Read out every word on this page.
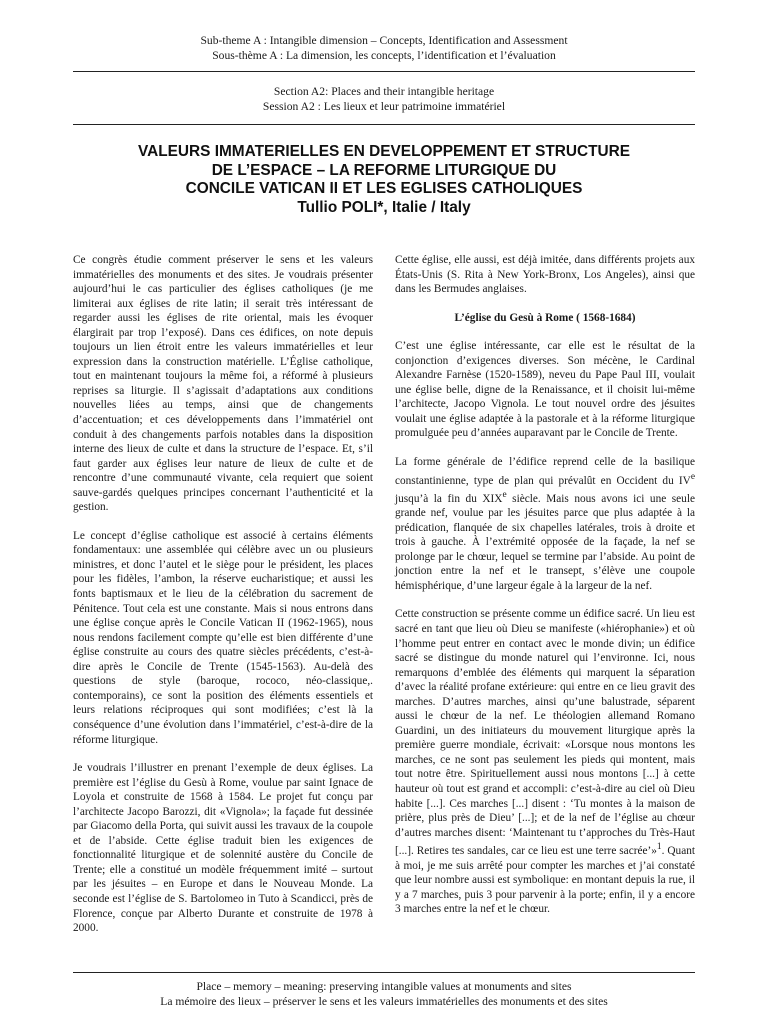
Sub-theme A : Intangible dimension – Concepts, Identification and Assessment
Sous-thème A : La dimension, les concepts, l’identification et l’évaluation
Section A2: Places and their intangible heritage
Session A2 : Les lieux et leur patrimoine immatériel
VALEURS IMMATERIELLES EN DEVELOPPEMENT ET STRUCTURE
DE L’ESPACE – LA REFORME LITURGIQUE DU
CONCILE VATICAN II ET LES EGLISES CATHOLIQUES
Tullio POLI*, Italie / Italy

Ce congrès étudie comment préserver le sens et les valeurs immatérielles des monuments et des sites. Je voudrais présenter aujourd’hui le cas particulier des églises catholiques (je me limiterai aux églises de rite latin; il serait très intéressant de regarder aussi les églises de rite oriental, mais les évoquer élargirait par trop l’exposé). Dans ces édifices, on note depuis toujours un lien étroit entre les valeurs immatérielles et leur expression dans la construction matérielle. L’Église catholique, tout en maintenant toujours la même foi, a réformé à plusieurs reprises sa liturgie. Il s’agissait d’adaptations aux conditions nouvelles liées au temps, ainsi que de changements d’accentuation; et ces développements dans l’immatériel ont conduit à des changements parfois notables dans la disposition interne des lieux de culte et dans la structure de l’espace. Et, s’il faut garder aux églises leur nature de lieux de culte et de rencontre d’une communauté vivante, cela requiert que soient sauve-gardés quelques principes concernant l’authenticité et la gestion.

Le concept d’église catholique est associé à certains éléments fondamentaux: une assemblée qui célèbre avec un ou plusieurs ministres, et donc l’autel et le siège pour le président, les places pour les fidèles, l’ambon, la réserve eucharistique; et aussi les fonts baptismaux et le lieu de la célébration du sacrement de Pénitence. Tout cela est une constante. Mais si nous entrons dans une église conçue après le Concile Vatican II (1962-1965), nous nous rendons facilement compte qu’elle est bien différente d’une église construite au cours des quatre siècles précédents, c’est-à-dire après le Concile de Trente (1545-1563). Au-delà des questions de style (baroque, rococo, néo-classique,. contemporains), ce sont la position des éléments essentiels et leurs relations réciproques qui sont modifiées; c’est là la conséquence d’une évolution dans l’immatériel, c’est-à-dire de la réforme liturgique.

Je voudrais l’illustrer en prenant l’exemple de deux églises. La première est l’église du Gesù à Rome, voulue par saint Ignace de Loyola et construite de 1568 à 1584. Le projet fut conçu par l’architecte Jacopo Barozzi, dit «Vignola»; la façade fut dessinée par Giacomo della Porta, qui suivit aussi les travaux de la coupole et de l’abside. Cette église traduit bien les exigences de fonctionnalité liturgique et de solennité austère du Concile de Trente; elle a constitué un modèle fréquemment imité – surtout par les jésuites – en Europe et dans le Nouveau Monde. La seconde est l’église de S. Bartolomeo in Tuto à Scandicci, près de Florence, conçue par Alberto Durante et construite de 1978 à 2000.

Cette église, elle aussi, est déjà imitée, dans différents projets aux États-Unis (S. Rita à New York-Bronx, Los Angeles), ainsi que dans les Bermudes anglaises.

L’église du Gesù à Rome ( 1568-1684)

C’est une église intéressante, car elle est le résultat de la conjonction d’exigences diverses. Son mécène, le Cardinal Alexandre Farnèse (1520-1589), neveu du Pape Paul III, voulait une église belle, digne de la Renaissance, et il choisit lui-même l’architecte, Jacopo Vignola. Le tout nouvel ordre des jésuites voulait une église adaptée à la pastorale et à la réforme liturgique promulguée peu d’années auparavant par le Concile de Trente.

La forme générale de l’édifice reprend celle de la basilique constantinienne, type de plan qui prévalût en Occident du IVe jusqu’à la fin du XIXe siècle. Mais nous avons ici une seule grande nef, voulue par les jésuites parce que plus adaptée à la prédication, flanquée de six chapelles latérales, trois à droite et trois à gauche. À l’extrémité opposée de la façade, la nef se prolonge par le chœur, lequel se termine par l’abside. Au point de jonction entre la nef et le transept, s’élève une coupole hémisphérique, d’une largeur égale à la largeur de la nef.

Cette construction se présente comme un édifice sacré. Un lieu est sacré en tant que lieu où Dieu se manifeste («hiérophanie») et où l’homme peut entrer en contact avec le monde divin; un édifice sacré se distingue du monde naturel qui l’environne. Ici, nous remarquons d’emblée des éléments qui marquent la séparation d’avec la réalité profane extérieure: qui entre en ce lieu gravit des marches. D’autres marches, ainsi qu’une balustrade, séparent aussi le chœur de la nef. Le théologien allemand Romano Guardini, un des initiateurs du mouvement liturgique après la première guerre mondiale, écrivait: «Lorsque nous montons les marches, ce ne sont pas seulement les pieds qui montent, mais tout notre être. Spirituellement aussi nous montons [...] à cette hauteur où tout est grand et accompli: c’est-à-dire au ciel où Dieu habite [...]. Ces marches [...] disent : ‘Tu montes à la maison de prière, plus près de Dieu’ [...]; et de la nef de l’église au chœur d’autres marches disent: ‘Maintenant tu t’approches du Très-Haut [...]. Retires tes sandales, car ce lieu est une terre sacrée’»$^1$. Quant à moi, je me suis arrêté pour compter les marches et j’ai constaté que leur nombre aussi est symbolique: en montant depuis la rue, il y a 7 marches, puis 3 pour parvenir à la porte; enfin, il y a encore 3 marches entre la nef et le chœur.

Place – memory – meaning: preserving intangible values at monuments and sites
La mémoire des lieux – préserver le sens et les valeurs immatérielles des monuments et des sites
